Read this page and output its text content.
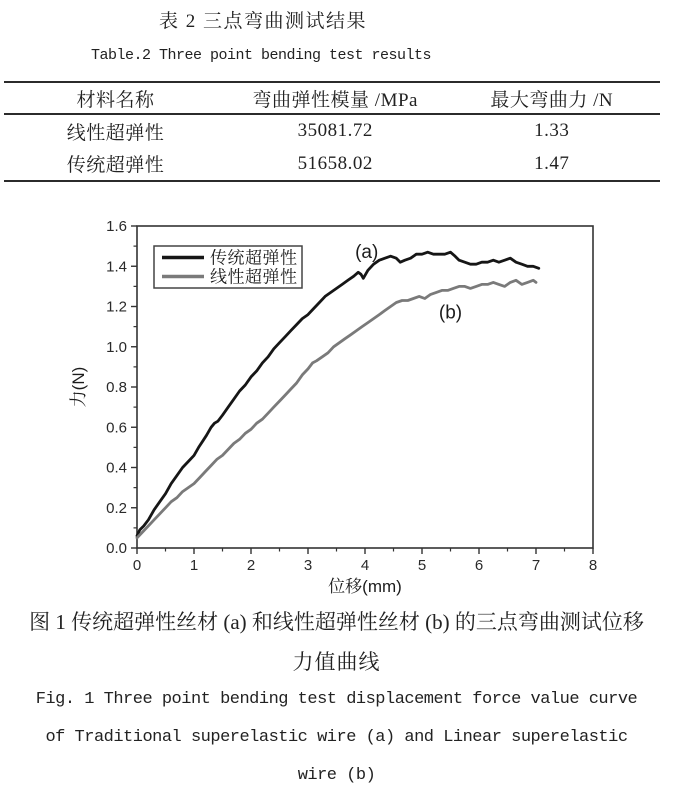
表 2 三点弯曲测试结果
Table.2 Three point bending test results
材料名称	弯曲弹性模量 /MPa	最大弯曲力 /N
线性超弹性	35081.72	1.33
传统超弹性	51658.02	1.47
0	1	2	3	4	5	6	7	8
0.0
0.2
0.4
0.6
0.8
1.0
1.2
1.4
1.6
(a)
(b)
传统超弹性
线性超弹性
位移(mm)
力(N)
图 1 传统超弹性丝材 (a) 和线性超弹性丝材 (b) 的三点弯曲测试位移
力值曲线
Fig. 1 Three point bending test displacement force value curve
of Traditional superelastic wire (a) and Linear superelastic
wire (b)
